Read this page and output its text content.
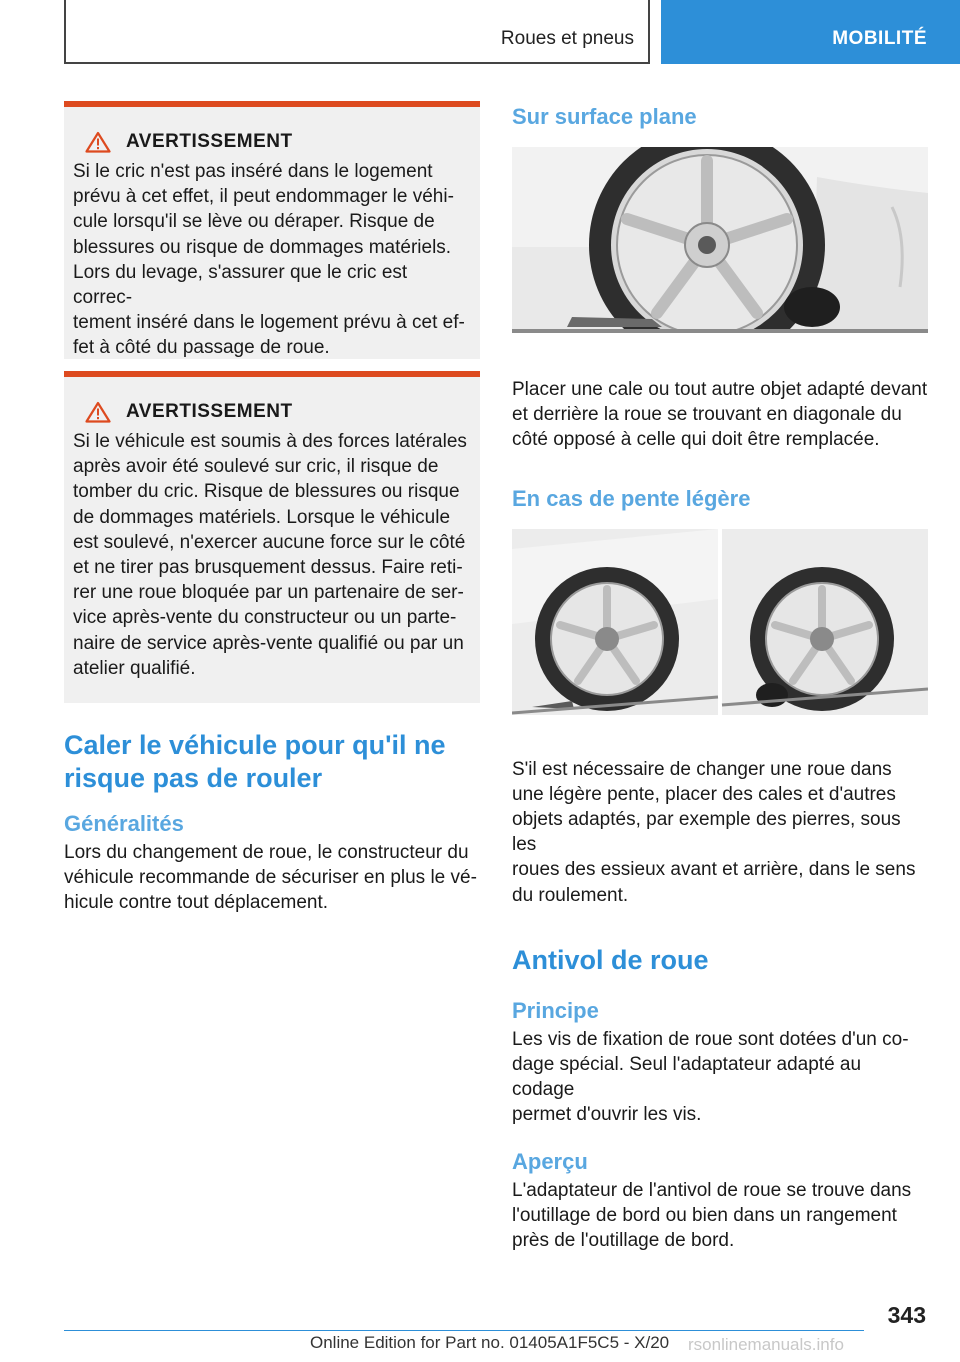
Roues et pneus	MOBILITÉ
AVERTISSEMENT

Si le cric n'est pas inséré dans le logement
prévu à cet effet, il peut endommager le véhi-
cule lorsqu'il se lève ou déraper. Risque de
blessures ou risque de dommages matériels.
Lors du levage, s'assurer que le cric est correc-
tement inséré dans le logement prévu à cet ef-
fet à côté du passage de roue.

AVERTISSEMENT

Si le véhicule est soumis à des forces latérales
après avoir été soulevé sur cric, il risque de
tomber du cric. Risque de blessures ou risque
de dommages matériels. Lorsque le véhicule
est soulevé, n'exercer aucune force sur le côté
et ne tirer pas brusquement dessus. Faire reti-
rer une roue bloquée par un partenaire de ser-
vice après-vente du constructeur ou un parte-
naire de service après-vente qualifié ou par un
atelier qualifié.

Caler le véhicule pour qu'il ne
risque pas de rouler
Généralités

Lors du changement de roue, le constructeur du
véhicule recommande de sécuriser en plus le vé-
hicule contre tout déplacement.

Sur surface plane

Placer une cale ou tout autre objet adapté devant
et derrière la roue se trouvant en diagonale du
côté opposé à celle qui doit être remplacée.

En cas de pente légère

S'il est nécessaire de changer une roue dans
une légère pente, placer des cales et d'autres
objets adaptés, par exemple des pierres, sous les
roues des essieux avant et arrière, dans le sens
du roulement.

Antivol de roue
Principe

Les vis de fixation de roue sont dotées d'un co-
dage spécial. Seul l'adaptateur adapté au codage
permet d'ouvrir les vis.

Aperçu

L'adaptateur de l'antivol de roue se trouve dans
l'outillage de bord ou bien dans un rangement
près de l'outillage de bord.

343
rsonlinemanuals.info
Online Edition for Part no. 01405A1F5C5 - X/20
